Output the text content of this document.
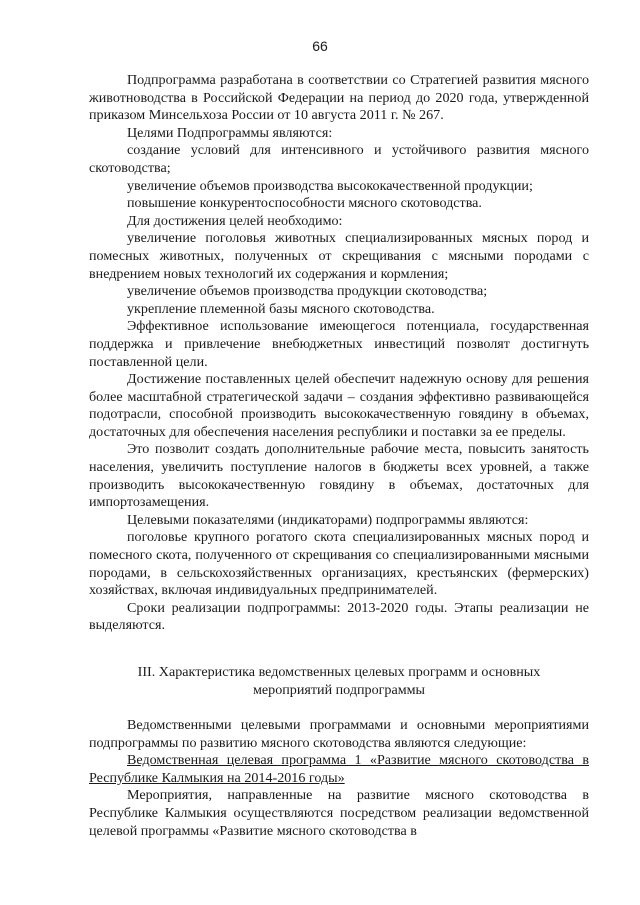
66

Подпрограмма разработана в соответствии со Стратегией развития мясного животноводства в Российской Федерации на период до 2020 года, утвержденной приказом Минсельхоза России от 10 августа 2011 г. № 267.

Целями Подпрограммы являются:

создание условий для интенсивного и устойчивого развития мясного скотоводства;

увеличение объемов производства высококачественной продукции;

повышение конкурентоспособности мясного скотоводства.

Для достижения целей необходимо:

увеличение поголовья животных специализированных мясных пород и помесных животных, полученных от скрещивания с мясными породами с внедрением новых технологий их содержания и кормления;

увеличение объемов производства продукции скотоводства;

укрепление племенной базы мясного скотоводства.

Эффективное использование имеющегося потенциала, государственная поддержка и привлечение внебюджетных инвестиций позволят достигнуть поставленной цели.

Достижение поставленных целей обеспечит надежную основу для решения более масштабной стратегической задачи – создания эффективно развивающейся подотрасли, способной производить высококачественную говядину в объемах, достаточных для обеспечения населения республики и поставки за ее пределы.

Это позволит создать дополнительные рабочие места, повысить занятость населения, увеличить поступление налогов в бюджеты всех уровней, а также производить высококачественную говядину в объемах, достаточных для импортозамещения.

Целевыми показателями (индикаторами) подпрограммы являются:

поголовье крупного рогатого скота специализированных мясных пород и помесного скота, полученного от скрещивания со специализированными мясными породами, в сельскохозяйственных организациях, крестьянских (фермерских) хозяйствах, включая индивидуальных предпринимателей.

Сроки реализации подпрограммы: 2013-2020 годы. Этапы реализации не выделяются.

III. Характеристика ведомственных целевых программ и основных мероприятий подпрограммы

Ведомственными целевыми программами и основными мероприятиями подпрограммы по развитию мясного скотоводства являются следующие:

Ведомственная целевая программа 1 «Развитие мясного скотоводства в Республике Калмыкия на 2014-2016 годы»

Мероприятия, направленные на развитие мясного скотоводства в Республике Калмыкия осуществляются посредством реализации ведомственной целевой программы «Развитие мясного скотоводства в
